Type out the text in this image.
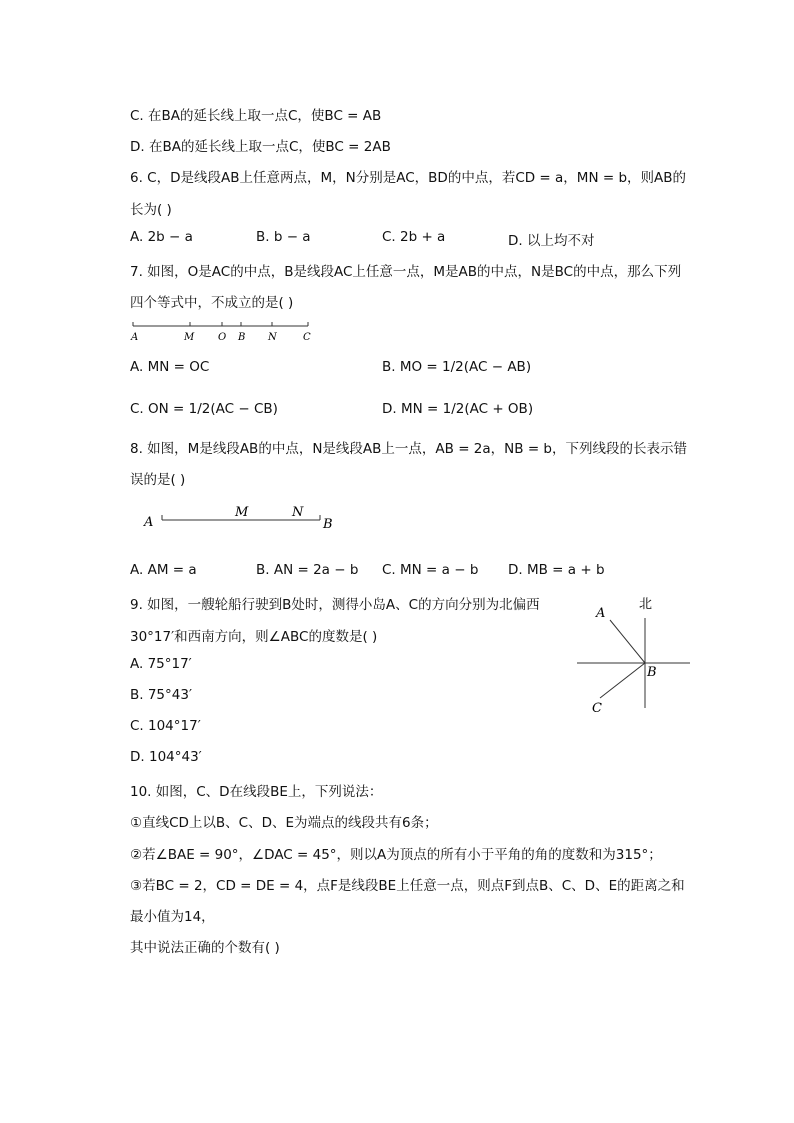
C. 在BA的延长线上取一点C，使BC = AB
D. 在BA的延长线上取一点C，使BC = 2AB
6. C，D是线段AB上任意两点，M，N分别是AC，BD的中点，若CD = a，MN = b，则AB的
长为( )
A. 2b − a	B. b − a	C. 2b + a	D. 以上均不对
7. 如图，O是AC的中点，B是线段AC上任意一点，M是AB的中点，N是BC的中点，那么下列
四个等式中，不成立的是( )
A	M O B N	C
A. MN = OC	B. MO = 1/2(AC − AB)
C. ON = 1/2(AC − CB)	D. MN = 1/2(AC + OB)
8. 如图，M是线段AB的中点，N是线段AB上一点，AB = 2a，NB = b，下列线段的长表示错
误的是( )
A
M	N
B
A. AM = a	B. AN = 2a − b C. MN = a − b D. MB = a + b
9. 如图，一艘轮船行驶到B处时，测得小岛A、C的方向分别为北偏西
30°17′和西南方向，则∠ABC的度数是( )
A. 75°17′
B. 75°43′
C. 104°17′
D. 104°43′
A
北
B
C
10. 如图，C、D在线段BE上，下列说法：
①直线CD上以B、C、D、E为端点的线段共有6条；
②若∠BAE = 90°，∠DAC = 45°，则以A为顶点的所有小于平角的角的度数和为315°；
③若BC = 2，CD = DE = 4，点F是线段BE上任意一点，则点F到点B、C、D、E的距离之和
最小值为14，
其中说法正确的个数有( )
